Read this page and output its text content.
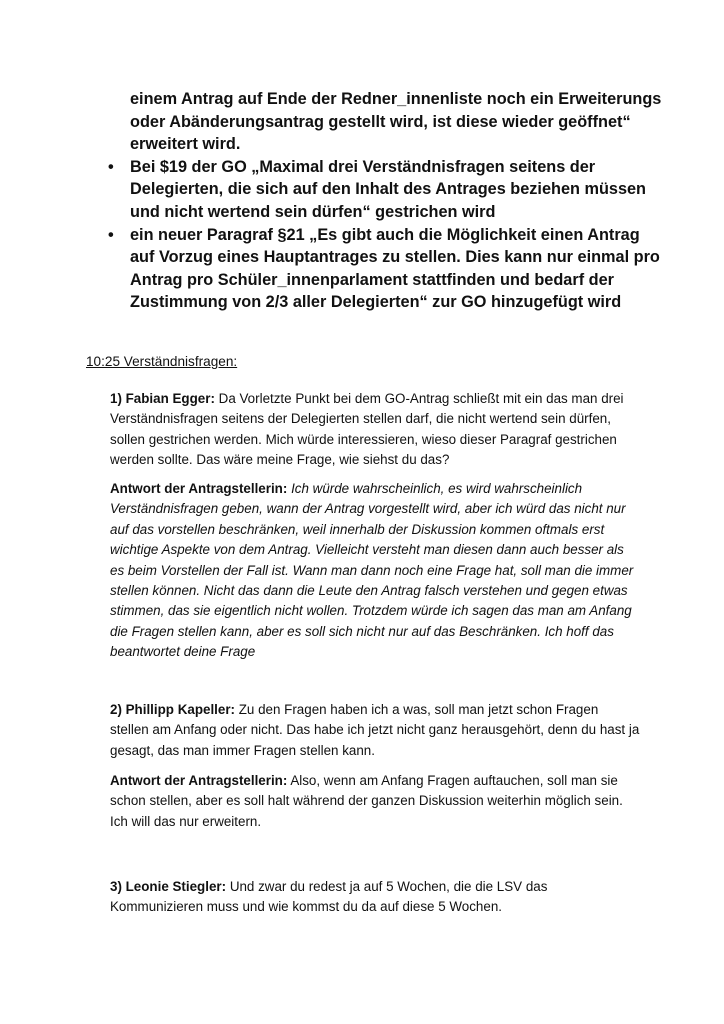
einem Antrag auf Ende der Redner_innenliste noch ein Erweiterungs oder Abänderungsantrag gestellt wird, ist diese wieder geöffnet“ erweitert wird.

• Bei $19 der GO „Maximal drei Verständnisfragen seitens der Delegierten, die sich auf den Inhalt des Antrages beziehen müssen und nicht wertend sein dürfen“ gestrichen wird
• ein neuer Paragraf §21 „Es gibt auch die Möglichkeit einen Antrag auf Vorzug eines Hauptantrages zu stellen. Dies kann nur einmal pro Antrag pro Schüler_innenparlament stattfinden und bedarf der Zustimmung von 2/3 aller Delegierten“ zur GO hinzugefügt wird
10:25 Verständnisfragen:

1) Fabian Egger: Da Vorletzte Punkt bei dem GO-Antrag schließt mit ein das man drei Verständnisfragen seitens der Delegierten stellen darf, die nicht wertend sein dürfen, sollen gestrichen werden. Mich würde interessieren, wieso dieser Paragraf gestrichen werden sollte. Das wäre meine Frage, wie siehst du das?

Antwort der Antragstellerin: Ich würde wahrscheinlich, es wird wahrscheinlich Verständnisfragen geben, wann der Antrag vorgestellt wird, aber ich würd das nicht nur auf das vorstellen beschränken, weil innerhalb der Diskussion kommen oftmals erst wichtige Aspekte von dem Antrag. Vielleicht versteht man diesen dann auch besser als es beim Vorstellen der Fall ist. Wann man dann noch eine Frage hat, soll man die immer stellen können. Nicht das dann die Leute den Antrag falsch verstehen und gegen etwas stimmen, das sie eigentlich nicht wollen. Trotzdem würde ich sagen das man am Anfang die Fragen stellen kann, aber es soll sich nicht nur auf das Beschränken. Ich hoff das beantwortet deine Frage

2) Phillipp Kapeller: Zu den Fragen haben ich a was, soll man jetzt schon Fragen stellen am Anfang oder nicht. Das habe ich jetzt nicht ganz herausgehört, denn du hast ja gesagt, das man immer Fragen stellen kann.

Antwort der Antragstellerin: Also, wenn am Anfang Fragen auftauchen, soll man sie schon stellen, aber es soll halt während der ganzen Diskussion weiterhin möglich sein. Ich will das nur erweitern.

3) Leonie Stiegler: Und zwar du redest ja auf 5 Wochen, die die LSV das Kommunizieren muss und wie kommst du da auf diese 5 Wochen.
